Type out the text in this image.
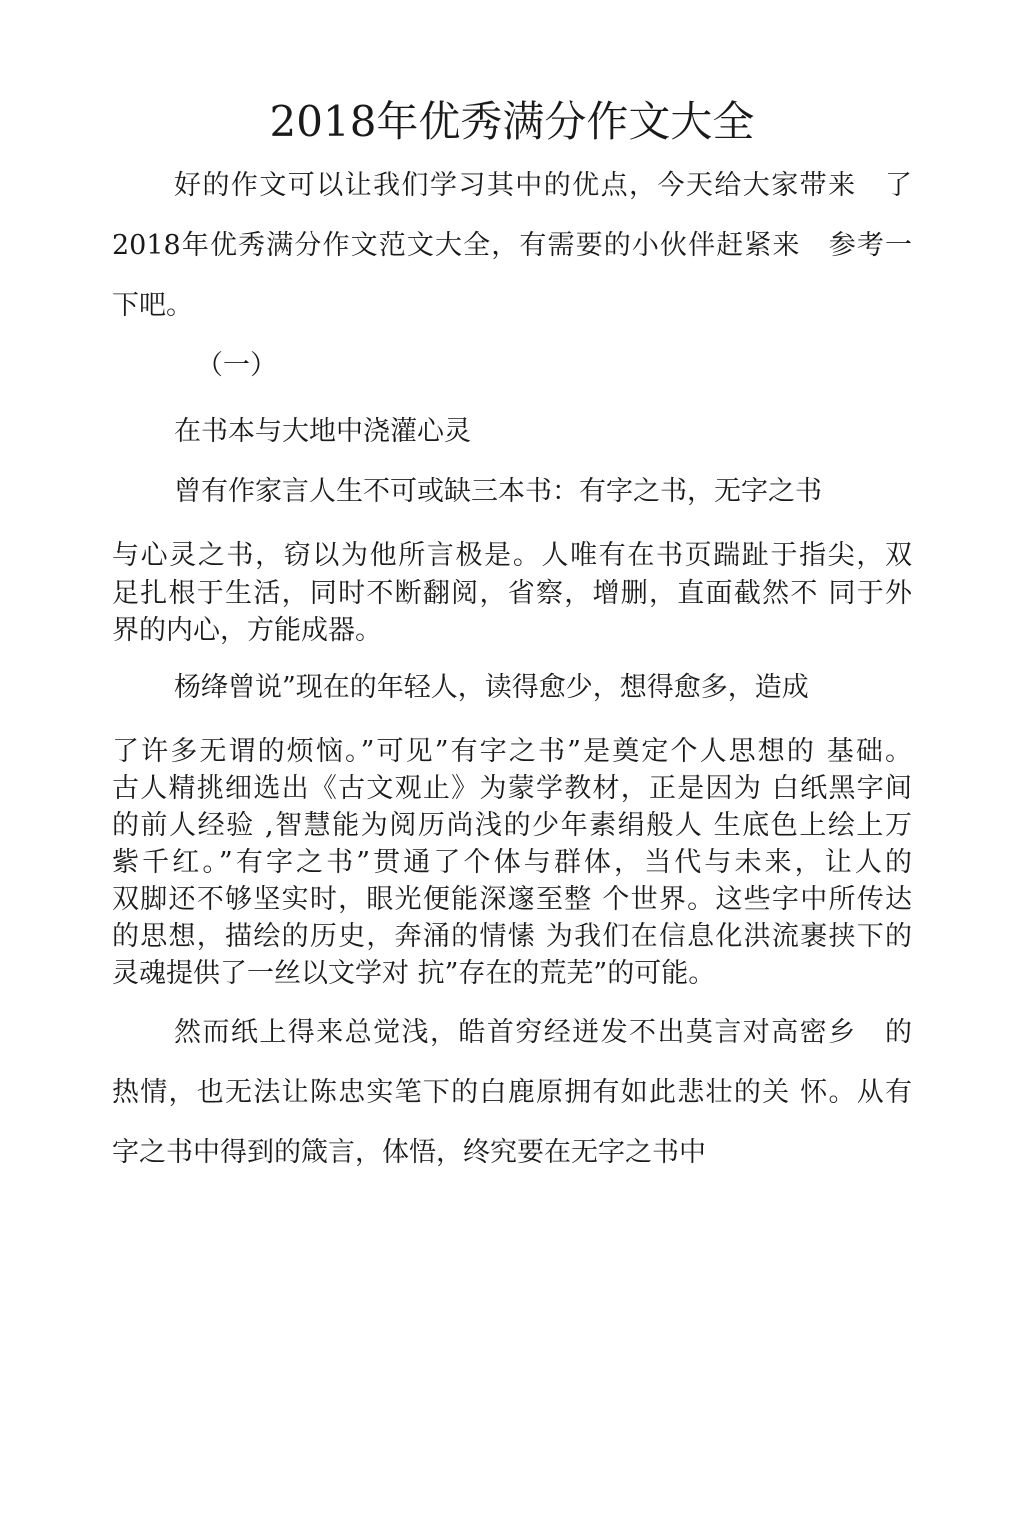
2018年优秀满分作文大全
好的作文可以让我们学习其中的优点，今天给大家带来　了
2018年优秀满分作文范文大全，有需要的小伙伴赶紧来　参考一
下吧。
（一）
在书本与大地中浇灌心灵
曾有作家言人生不可或缺三本书：有字之书，无字之书
与心灵之书，窃以为他所言极是。人唯有在书页踹趾于指尖，双
足扎根于生活，同时不断翻阅，省察，增删，直面截然不 同于外
界的内心，方能成器。
杨绛曾说”现在的年轻人，读得愈少，想得愈多，造成
了许多无谓的烦恼。”可见”有字之书”是奠定个人思想的 基础。
古人精挑细选出《古文观止》为蒙学教材，正是因为 白纸黑字间
的前人经验 ,智慧能为阅历尚浅的少年素绢般人 生底色上绘上万
紫千红。”有字之书”贯通了个体与群体，当代与未来，让人的
双脚还不够坚实时，眼光便能深邃至整 个世界。这些字中所传达
的思想，描绘的历史，奔涌的情愫 为我们在信息化洪流裹挟下的
灵魂提供了一丝以文学对 抗”存在的荒芜”的可能。
然而纸上得来总觉浅，皓首穷经迸发不出莫言对高密乡　的
热情，也无法让陈忠实笔下的白鹿原拥有如此悲壮的关 怀。从有
字之书中得到的箴言，体悟，终究要在无字之书中
